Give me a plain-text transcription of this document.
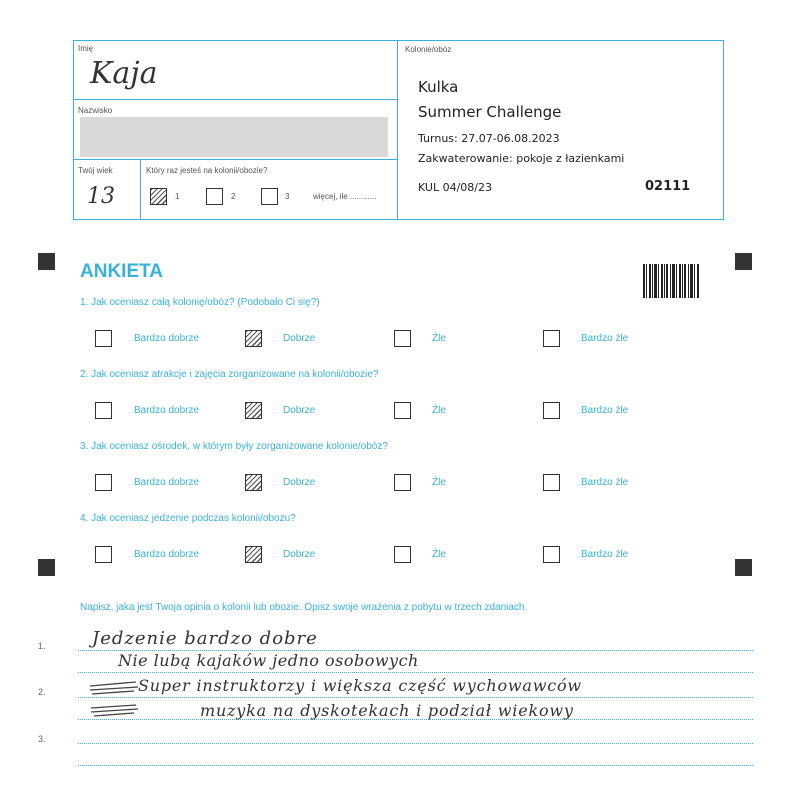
Imię
Kaja
Nazwisko
Twój wiek
13
Który raz jesteś na kolonii/obozie?
1	2	3	więcej, ile ............
Kolonie/obóz
Kulka
Summer Challenge
Turnus: 27.07-06.08.2023
Zakwaterowanie: pokoje z łazienkami
KUL 04/08/23	02111
ANKIETA
1. Jak oceniasz całą kolonię/obóz? (Podobało Ci się?)
Bardzo dobrze	Dobrze	Źle	Bardzo źle
2. Jak oceniasz atrakcje i zajęcia zorganizowane na kolonii/obozie?
Bardzo dobrze	Dobrze	Źle	Bardzo źle
3. Jak oceniasz ośrodek, w którym były zorganizowane kolonie/obóz?
Bardzo dobrze	Dobrze	Źle	Bardzo źle
4. Jak oceniasz jedzenie podczas kolonii/obozu?
Bardzo dobrze	Dobrze	Źle	Bardzo źle
Napisz, jaka jest Twoja opinia o kolonii lub obozie. Opisz swoje wrażenia z pobytu w trzech zdaniach.
1.
2.
3.
Jedzenie bardzo dobre
Nie lubą kajaków jedno osobowych
Super instruktorzy i większa część wychowawców
muzyka na dyskotekach i podział wiekowy
